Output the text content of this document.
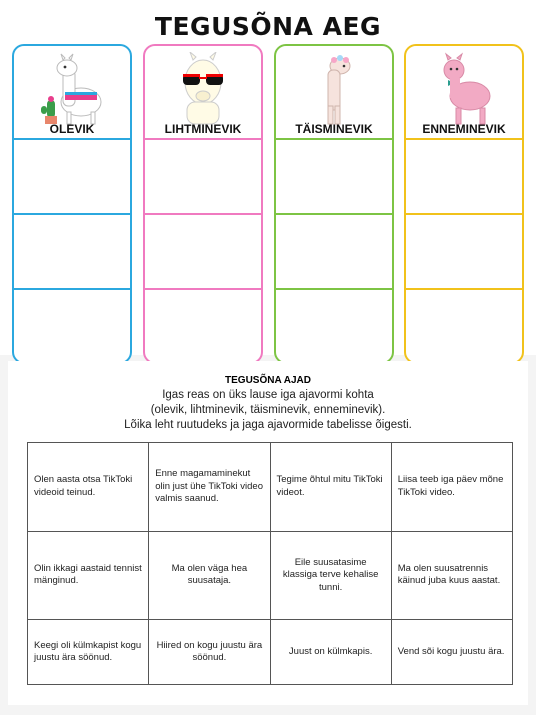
TEGUSÕNA AEG
OLEVIK	LIHTMINEVIK	TÄISMINEVIK	ENNEMINEVIK
TEGUSÕNA AJAD
Igas reas on üks lause iga ajavormi kohta
(olevik, lihtminevik, täisminevik, enneminevik).
Lõika leht ruutudeks ja jaga ajavormide tabelisse õigesti.
Olen aasta otsa TikToki videoid teinud.	Enne magamaminekut olin just ühe TikToki video valmis saanud.	Tegime õhtul mitu TikToki videot.	Liisa teeb iga päev mõne TikToki video.
Olin ikkagi aastaid tennist mänginud.	Ma olen väga hea suusataja.	Eile suusatasime klassiga terve kehalise tunni.	Ma olen suusatrennis käinud juba kuus aastat.
Keegi oli külmkapist kogu juustu ära söönud.	Hiired on kogu juustu ära söönud.	Juust on külmkapis.	Vend sõi kogu juustu ära.
